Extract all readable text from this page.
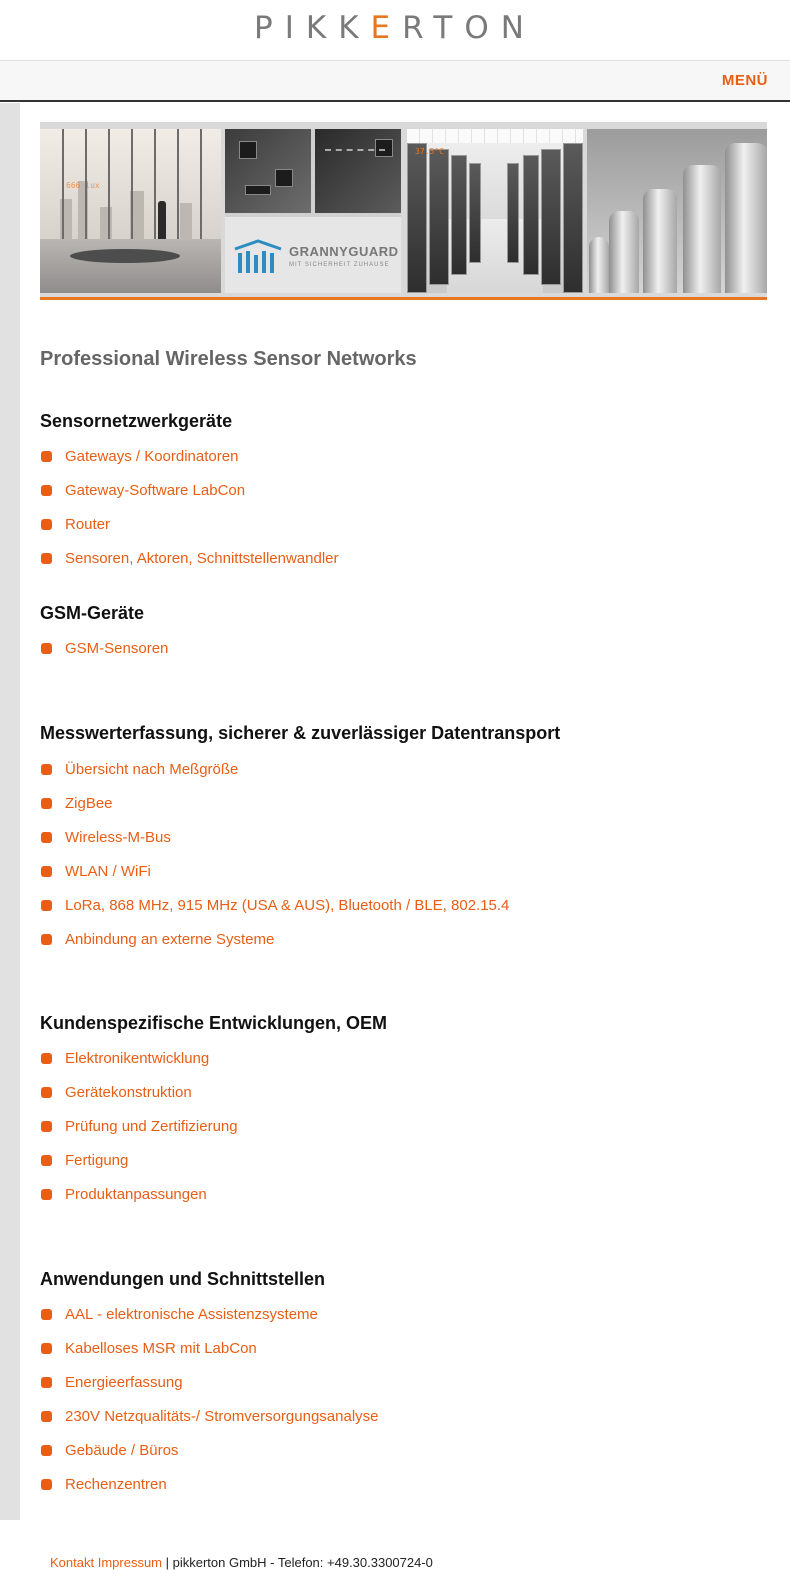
PIKKERTON
MENÜ
666 lux
GRANNYGUARD
MIT SICHERHEIT ZUHAUSE
37.5°C
Professional Wireless Sensor Networks
Sensornetzwerkgeräte
Gateways / Koordinatoren
Gateway-Software LabCon
Router
Sensoren, Aktoren, Schnittstellenwandler
GSM-Geräte
GSM-Sensoren
Messwerterfassung, sicherer & zuverlässiger Datentransport
Übersicht nach Meßgröße
ZigBee
Wireless-M-Bus
WLAN / WiFi
LoRa, 868 MHz, 915 MHz (USA & AUS), Bluetooth / BLE, 802.15.4
Anbindung an externe Systeme
Kundenspezifische Entwicklungen, OEM
Elektronikentwicklung
Gerätekonstruktion
Prüfung und Zertifizierung
Fertigung
Produktanpassungen
Anwendungen und Schnittstellen
AAL - elektronische Assistenzsysteme
Kabelloses MSR mit LabCon
Energieerfassung
230V Netzqualitäts-/ Stromversorgungsanalyse
Gebäude / Büros
Rechenzentren
Kontakt Impressum | pikkerton GmbH - Telefon: +49.30.3300724-0
